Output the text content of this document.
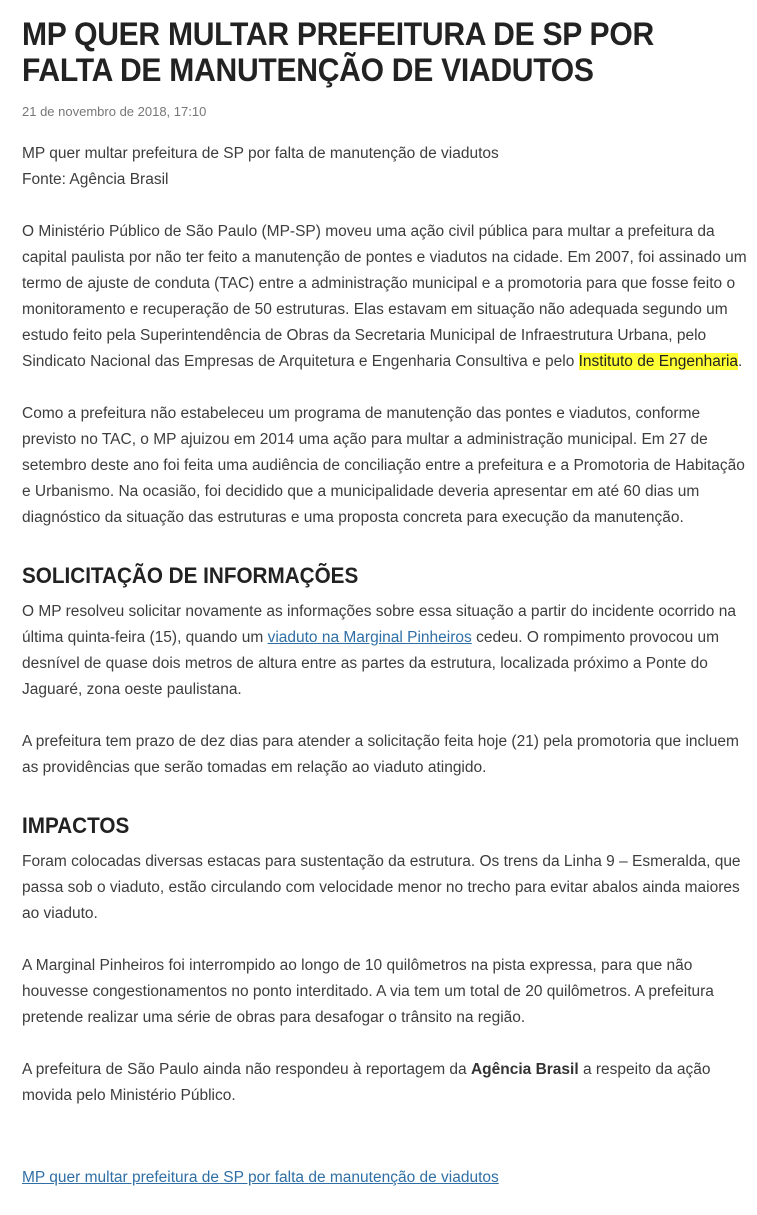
MP QUER MULTAR PREFEITURA DE SP POR FALTA DE MANUTENÇÃO DE VIADUTOS
21 de novembro de 2018, 17:10

MP quer multar prefeitura de SP por falta de manutenção de viadutos
Fonte: Agência Brasil

O Ministério Público de São Paulo (MP-SP) moveu uma ação civil pública para multar a prefeitura da capital paulista por não ter feito a manutenção de pontes e viadutos na cidade. Em 2007, foi assinado um termo de ajuste de conduta (TAC) entre a administração municipal e a promotoria para que fosse feito o monitoramento e recuperação de 50 estruturas. Elas estavam em situação não adequada segundo um estudo feito pela Superintendência de Obras da Secretaria Municipal de Infraestrutura Urbana, pelo Sindicato Nacional das Empresas de Arquitetura e Engenharia Consultiva e pelo Instituto de Engenharia.

Como a prefeitura não estabeleceu um programa de manutenção das pontes e viadutos, conforme previsto no TAC, o MP ajuizou em 2014 uma ação para multar a administração municipal. Em 27 de setembro deste ano foi feita uma audiência de conciliação entre a prefeitura e a Promotoria de Habitação e Urbanismo. Na ocasião, foi decidido que a municipalidade deveria apresentar em até 60 dias um diagnóstico da situação das estruturas e uma proposta concreta para execução da manutenção.

SOLICITAÇÃO DE INFORMAÇÕES

O MP resolveu solicitar novamente as informações sobre essa situação a partir do incidente ocorrido na última quinta-feira (15), quando um viaduto na Marginal Pinheiros cedeu. O rompimento provocou um desnível de quase dois metros de altura entre as partes da estrutura, localizada próximo a Ponte do Jaguaré, zona oeste paulistana.

A prefeitura tem prazo de dez dias para atender a solicitação feita hoje (21) pela promotoria que incluem as providências que serão tomadas em relação ao viaduto atingido.

IMPACTOS

Foram colocadas diversas estacas para sustentação da estrutura. Os trens da Linha 9 – Esmeralda, que passa sob o viaduto, estão circulando com velocidade menor no trecho para evitar abalos ainda maiores ao viaduto.

A Marginal Pinheiros foi interrompido ao longo de 10 quilômetros na pista expressa, para que não houvesse congestionamentos no ponto interditado. A via tem um total de 20 quilômetros. A prefeitura pretende realizar uma série de obras para desafogar o trânsito na região.

A prefeitura de São Paulo ainda não respondeu à reportagem da Agência Brasil a respeito da ação movida pelo Ministério Público.

MP quer multar prefeitura de SP por falta de manutenção de viadutos
